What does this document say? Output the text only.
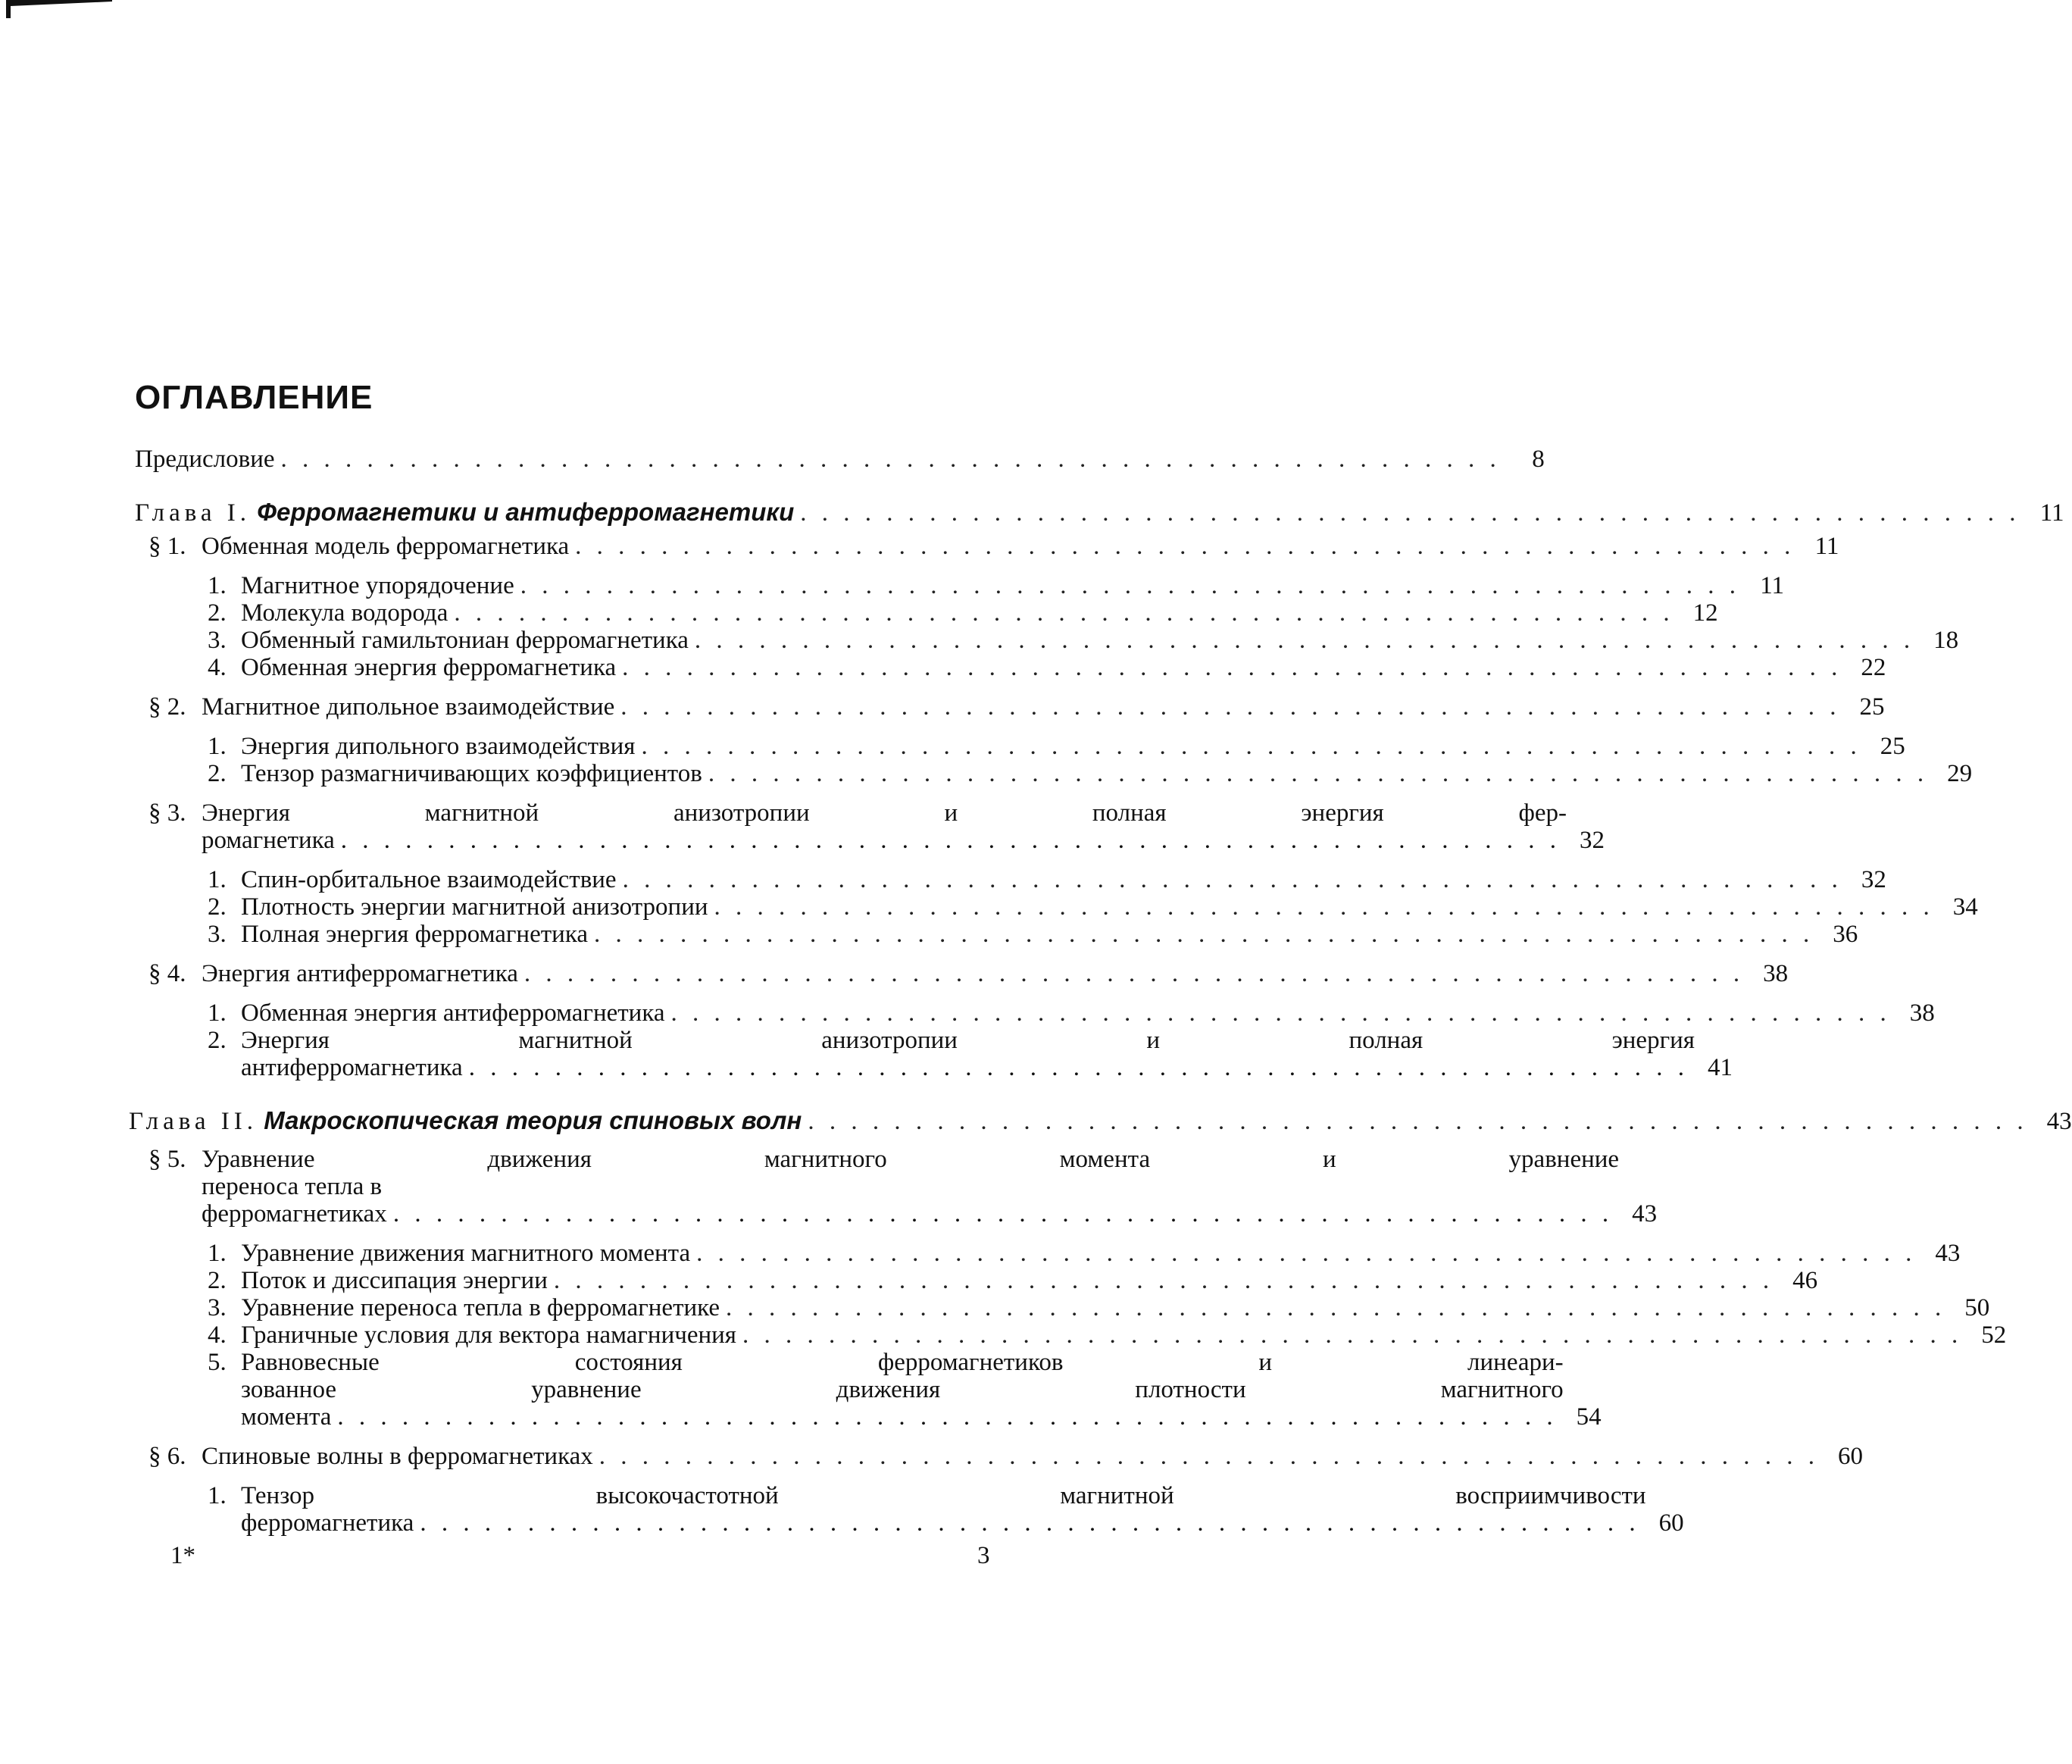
ОГЛАВЛЕНИЕ
Предисловие . . . . . . . . . . . . . . . . . . . . . . . . . . . . . . . . . . . . . . . . . . . . . . . . . . . . . . . . .	8
Глава I. Ферромагнетики и антиферромагнетики . . . . . . . . . . . . . . . . . . . . . . . . . . . . . . . . . . . . . . . . . . . . . . . . . . . . . . . . . 11
§ 1. Обменная модель ферромагнетика . . . . . . . . . . . . . . . . . . . . . . . . . . . . . . . . . . . . . . . . . . . . . . . . . . . . . . . . . 11
1. Магнитное упорядочение . . . . . . . . . . . . . . . . . . . . . . . . . . . . . . . . . . . . . . . . . . . . . . . . . . . . . . . . . 11
2. Молекула водорода . . . . . . . . . . . . . . . . . . . . . . . . . . . . . . . . . . . . . . . . . . . . . . . . . . . . . . . . . 12
3. Обменный гамильтониан ферромагнетика . . . . . . . . . . . . . . . . . . . . . . . . . . . . . . . . . . . . . . . . . . . . . . . . . . . . . . . . . 18
4. Обменная энергия ферромагнетика . . . . . . . . . . . . . . . . . . . . . . . . . . . . . . . . . . . . . . . . . . . . . . . . . . . . . . . . . 22
§ 2. Магнитное дипольное взаимодействие . . . . . . . . . . . . . . . . . . . . . . . . . . . . . . . . . . . . . . . . . . . . . . . . . . . . . . . . . 25
1. Энергия дипольного взаимодействия . . . . . . . . . . . . . . . . . . . . . . . . . . . . . . . . . . . . . . . . . . . . . . . . . . . . . . . . . 25
2. Тензор размагничивающих коэффициентов . . . . . . . . . . . . . . . . . . . . . . . . . . . . . . . . . . . . . . . . . . . . . . . . . . . . . . . . . 29
§ 3. Энергия магнитной анизотропии и полная энергия фер-
ромагнетика . . . . . . . . . . . . . . . . . . . . . . . . . . . . . . . . . . . . . . . . . . . . . . . . . . . . . . . . . 32
1. Спин-орбитальное взаимодействие . . . . . . . . . . . . . . . . . . . . . . . . . . . . . . . . . . . . . . . . . . . . . . . . . . . . . . . . . 32
2. Плотность энергии магнитной анизотропии . . . . . . . . . . . . . . . . . . . . . . . . . . . . . . . . . . . . . . . . . . . . . . . . . . . . . . . . . 34
3. Полная энергия ферромагнетика . . . . . . . . . . . . . . . . . . . . . . . . . . . . . . . . . . . . . . . . . . . . . . . . . . . . . . . . . 36
§ 4. Энергия антиферромагнетика . . . . . . . . . . . . . . . . . . . . . . . . . . . . . . . . . . . . . . . . . . . . . . . . . . . . . . . . . 38
1. Обменная энергия антиферромагнетика . . . . . . . . . . . . . . . . . . . . . . . . . . . . . . . . . . . . . . . . . . . . . . . . . . . . . . . . . 38
2. Энергия магнитной анизотропии и полная энергия
антиферромагнетика . . . . . . . . . . . . . . . . . . . . . . . . . . . . . . . . . . . . . . . . . . . . . . . . . . . . . . . . . 41
Глава II. Макроскопическая теория спиновых волн . . . . . . . . . . . . . . . . . . . . . . . . . . . . . . . . . . . . . . . . . . . . . . . . . . . . . . . . . 43
§ 5. Уравнение движения магнитного момента и уравнение
переноса тепла в ферромагнетиках . . . . . . . . . . . . . . . . . . . . . . . . . . . . . . . . . . . . . . . . . . . . . . . . . . . . . . . . . 43
1. Уравнение движения магнитного момента . . . . . . . . . . . . . . . . . . . . . . . . . . . . . . . . . . . . . . . . . . . . . . . . . . . . . . . . . 43
2. Поток и диссипация энергии . . . . . . . . . . . . . . . . . . . . . . . . . . . . . . . . . . . . . . . . . . . . . . . . . . . . . . . . . 46
3. Уравнение переноса тепла в ферромагнетике . . . . . . . . . . . . . . . . . . . . . . . . . . . . . . . . . . . . . . . . . . . . . . . . . . . . . . . . . 50
4. Граничные условия для вектора намагничения . . . . . . . . . . . . . . . . . . . . . . . . . . . . . . . . . . . . . . . . . . . . . . . . . . . . . . . . . 52
5. Равновесные состояния ферромагнетиков и линеари-
зованное уравнение движения плотности магнитного
момента . . . . . . . . . . . . . . . . . . . . . . . . . . . . . . . . . . . . . . . . . . . . . . . . . . . . . . . . . 54
§ 6. Спиновые волны в ферромагнетиках . . . . . . . . . . . . . . . . . . . . . . . . . . . . . . . . . . . . . . . . . . . . . . . . . . . . . . . . . 60
1. Тензор высокочастотной магнитной восприимчивости
ферромагнетика . . . . . . . . . . . . . . . . . . . . . . . . . . . . . . . . . . . . . . . . . . . . . . . . . . . . . . . . . 60
1*	3
